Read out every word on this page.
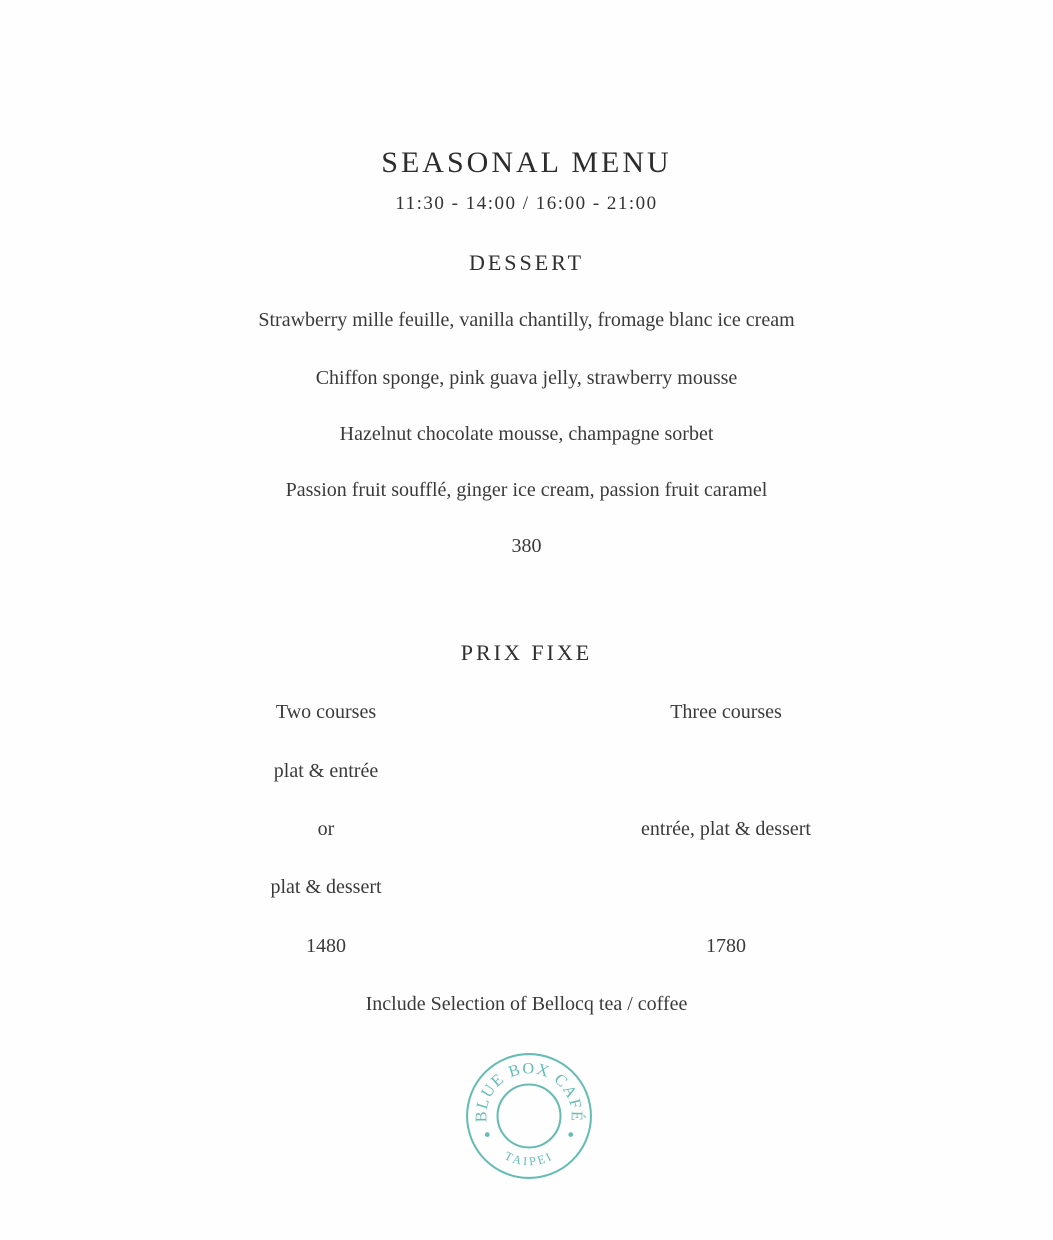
SEASONAL MENU
11:30 - 14:00 / 16:00 - 21:00
DESSERT
Strawberry mille feuille, vanilla chantilly, fromage blanc ice cream
Chiffon sponge, pink guava jelly, strawberry mousse
Hazelnut chocolate mousse, champagne sorbet
Passion fruit soufflé, ginger ice cream, passion fruit caramel
380
PRIX FIXE
Two courses	Three courses
plat & entrée
or	entrée, plat & dessert
plat & dessert
1480	1780
Include Selection of Bellocq tea / coffee
BLUE BOX CAFÉ
TAIPEI
